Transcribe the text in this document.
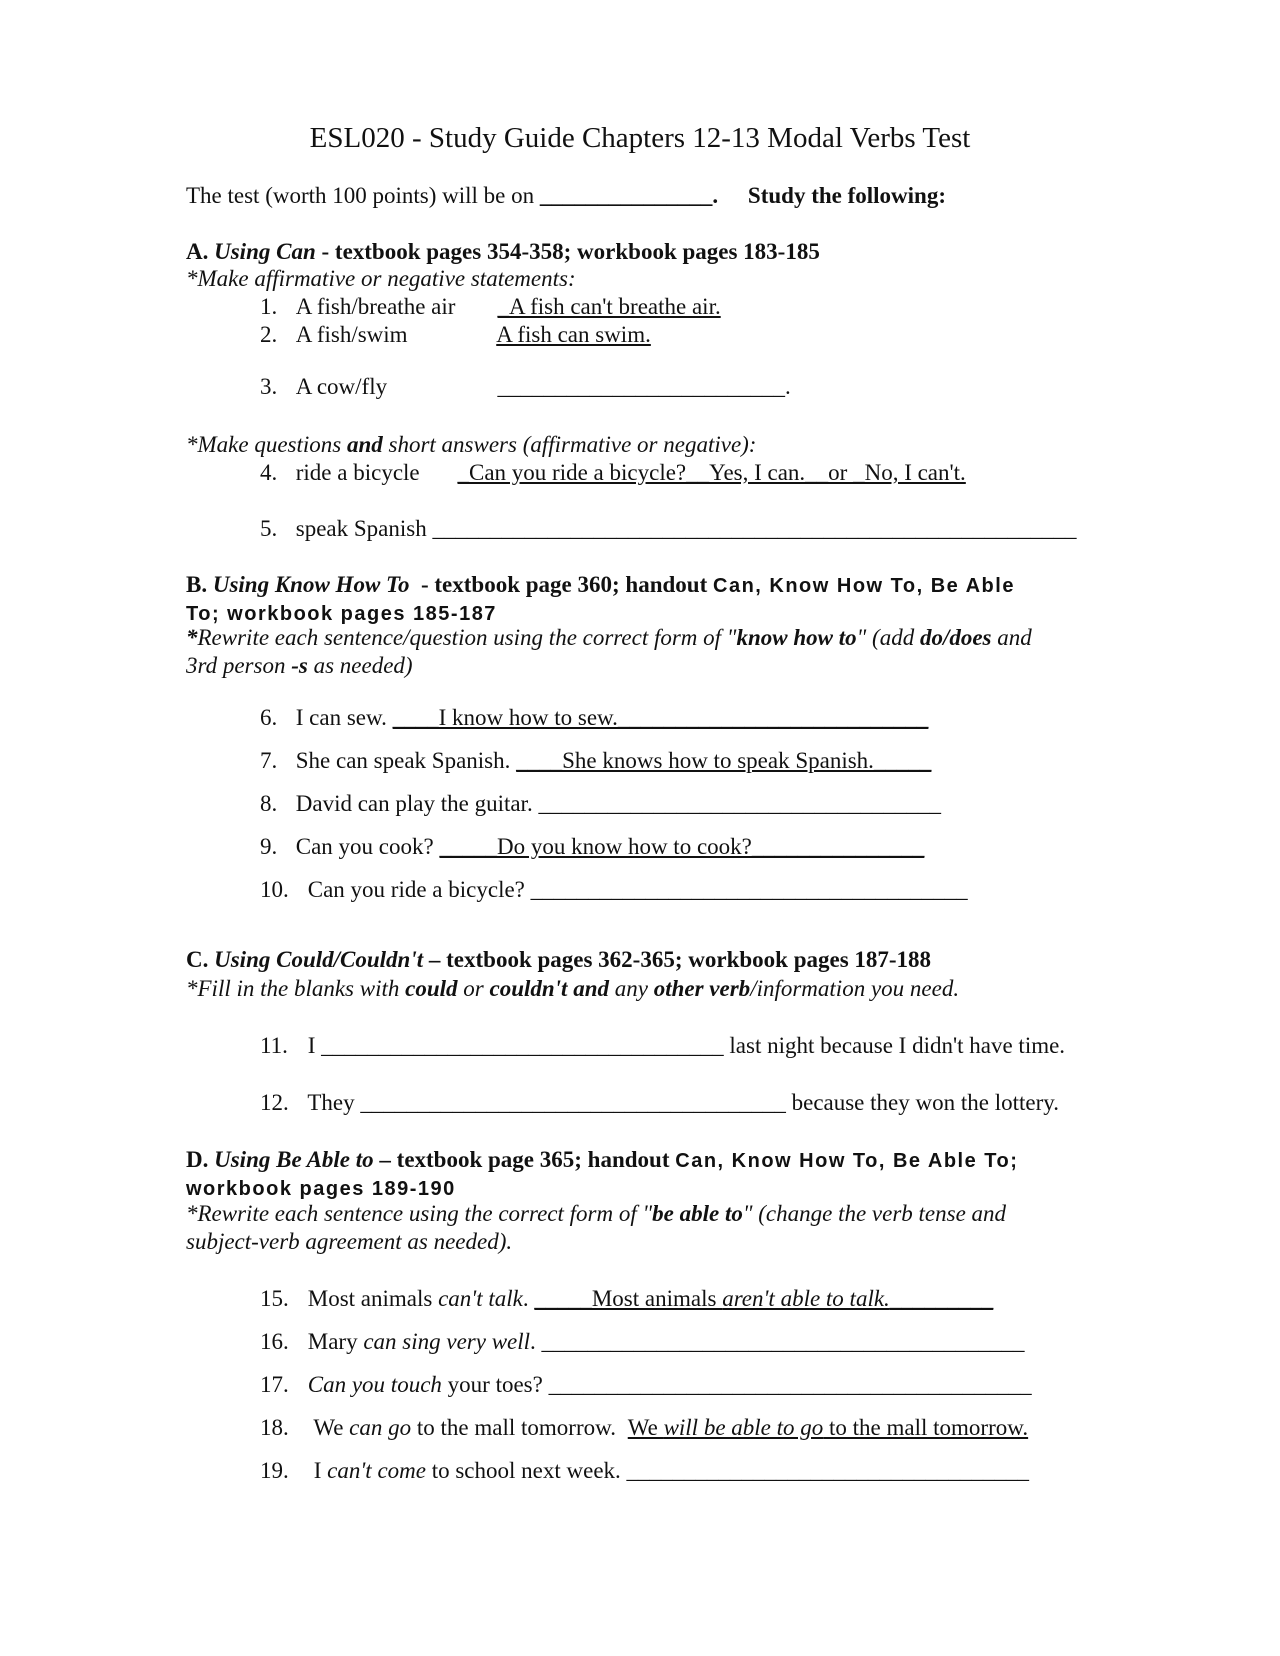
ESL020 - Study Guide Chapters 12-13 Modal Verbs Test
The test (worth 100 points) will be on _______________. Study the following:
A. Using Can - textbook pages 354-358; workbook pages 183-185
*Make affirmative or negative statements:
1. A fish/breathe air _A fish can't breathe air.
2. A fish/swim	A fish can swim.
3. A cow/fly	_________________________.
*Make questions and short answers (affirmative or negative):
4. ride a bicycle _Can you ride a bicycle?__Yes, I can.__or _No, I can't.
5. speak Spanish ________________________________________________________
B. Using Know How To  - textbook page 360; handout Can, Know How To, Be Able
To; workbook pages 185-187
*Rewrite each sentence/question using the correct form of "know how to" (add do/does and
3rd person -s as needed)
6. I can sew. ____I know how to sew.___________________________
7. She can speak Spanish. ____She knows how to speak Spanish._____
8. David can play the guitar. ___________________________________
9. Can you cook? _____Do you know how to cook?_______________
10. Can you ride a bicycle? ______________________________________
C. Using Could/Couldn't – textbook pages 362-365; workbook pages 187-188
*Fill in the blanks with could or couldn't and any other verb/information you need.
11. I ___________________________________ last night because I didn't have time.
12. They _____________________________________ because they won the lottery.
D. Using Be Able to – textbook page 365; handout Can, Know How To, Be Able To;
workbook pages 189-190
*Rewrite each sentence using the correct form of "be able to" (change the verb tense and
subject-verb agreement as needed).
15. Most animals can't talk. _____Most animals aren't able to talk._________
16. Mary can sing very well. __________________________________________
17. Can you touch your toes? __________________________________________
18. We can go to the mall tomorrow. We will be able to go to the mall tomorrow.
19. I can't come to school next week. ___________________________________
